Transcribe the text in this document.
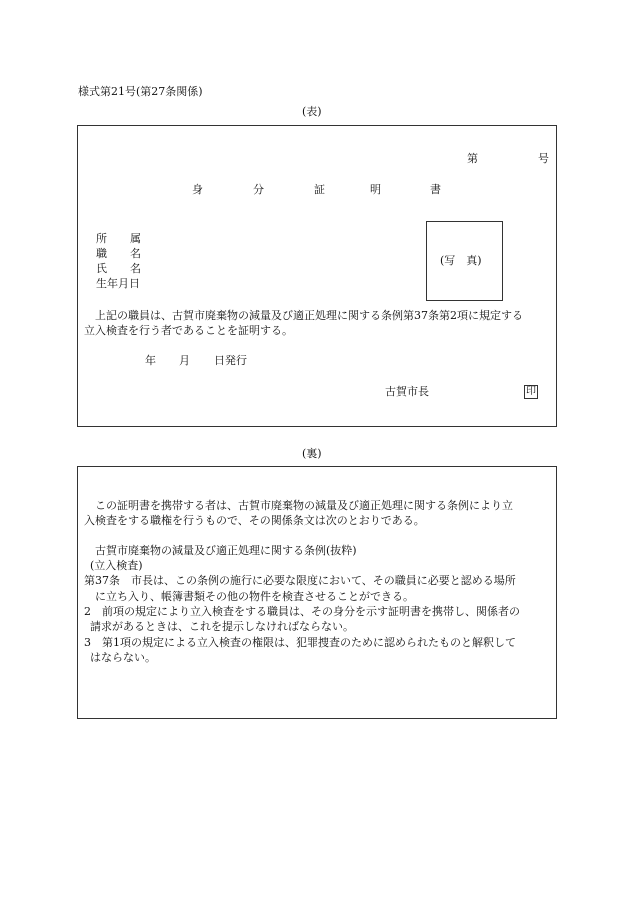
様式第21号(第27条関係)
(表)
第	号
身	分	証	明	書
所 属
職 名
氏 名
生年月日
(写　真)
上記の職員は、古賀市廃棄物の減量及び適正処理に関する条例第37条第2項に規定する
立入検査を行う者であることを証明する。
年 月 日発行
古賀市長	印
(裏)
この証明書を携帯する者は、古賀市廃棄物の減量及び適正処理に関する条例により立
入検査をする職権を行うもので、その関係条文は次のとおりである。
古賀市廃棄物の減量及び適正処理に関する条例(抜粋)
(立入検査)
第37条　市長は、この条例の施行に必要な限度において、その職員に必要と認める場所
に立ち入り、帳簿書類その他の物件を検査させることができる。
2　前項の規定により立入検査をする職員は、その身分を示す証明書を携帯し、関係者の
請求があるときは、これを提示しなければならない。
3　第1項の規定による立入検査の権限は、犯罪捜査のために認められたものと解釈して
はならない。
